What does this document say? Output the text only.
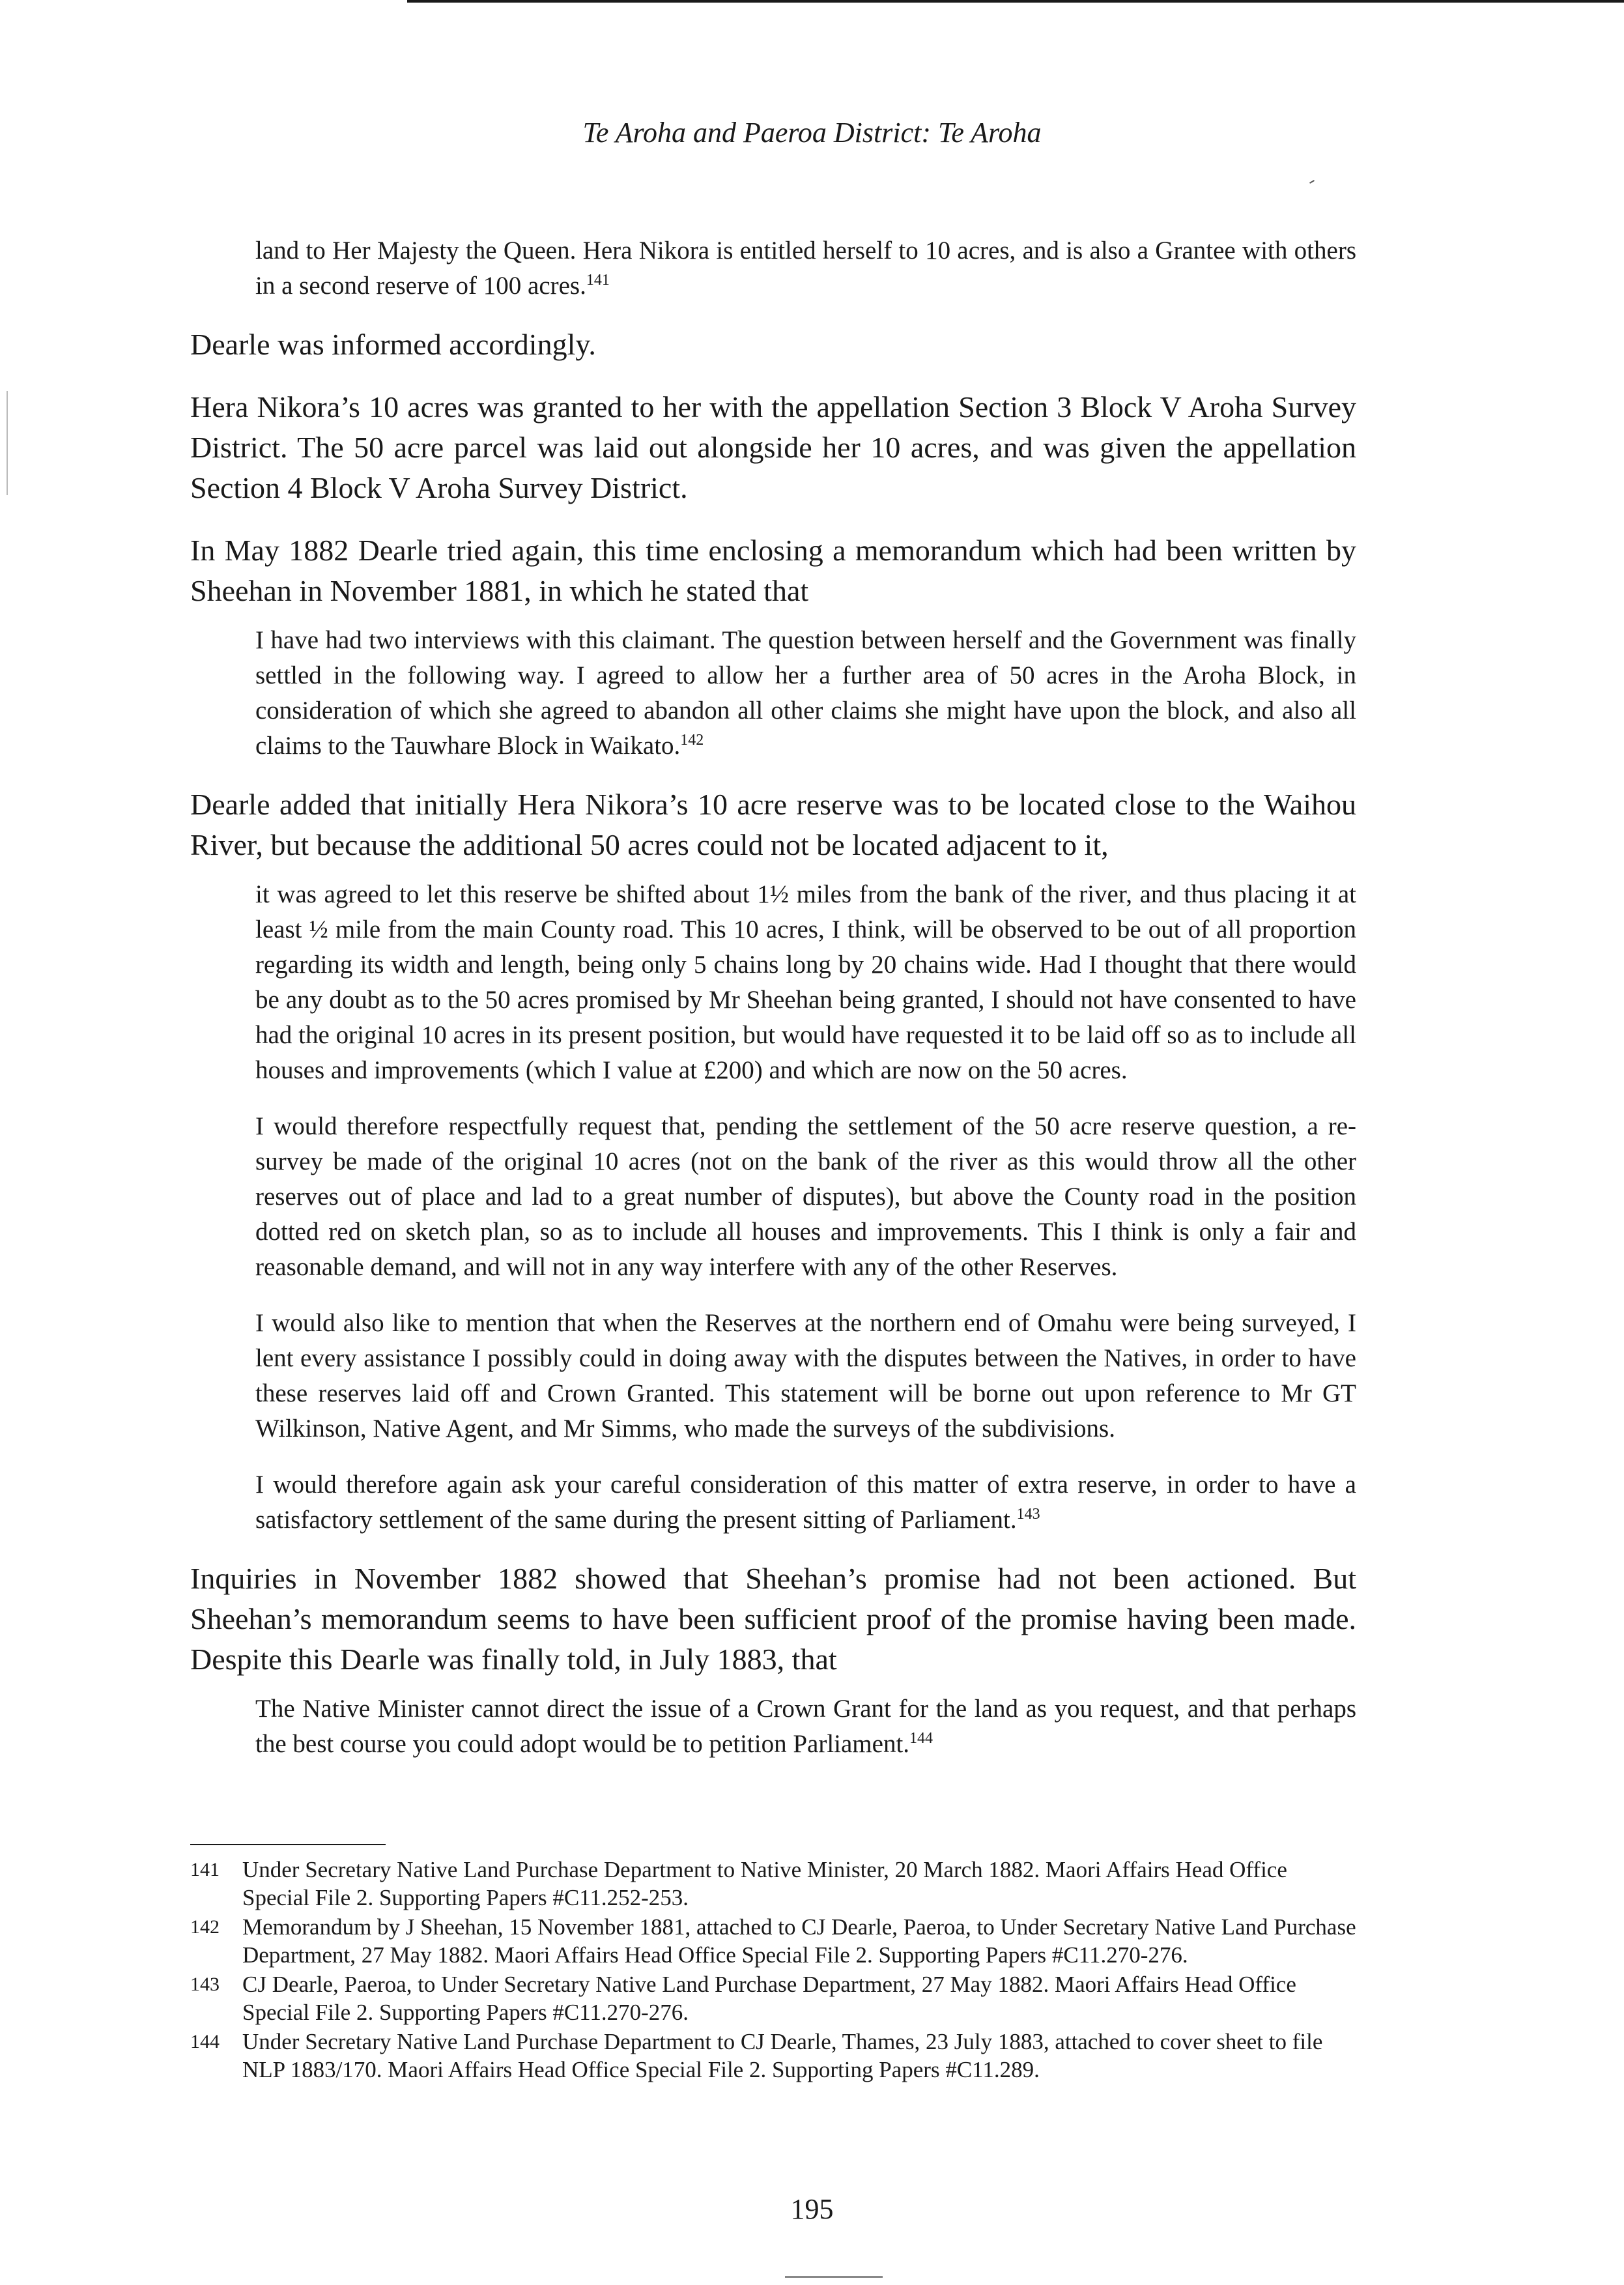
Te Aroha and Paeroa District: Te Aroha

land to Her Majesty the Queen. Hera Nikora is entitled herself to 10 acres, and is also a Grantee with others in a second reserve of 100 acres.$^{141}$

Dearle was informed accordingly.

Hera Nikora’s 10 acres was granted to her with the appellation Section 3 Block V Aroha Survey District. The 50 acre parcel was laid out alongside her 10 acres, and was given the appellation Section 4 Block V Aroha Survey District.

In May 1882 Dearle tried again, this time enclosing a memorandum which had been written by Sheehan in November 1881, in which he stated that

I have had two interviews with this claimant. The question between herself and the Government was finally settled in the following way. I agreed to allow her a further area of 50 acres in the Aroha Block, in consideration of which she agreed to abandon all other claims she might have upon the block, and also all claims to the Tauwhare Block in Waikato.$^{142}$

Dearle added that initially Hera Nikora’s 10 acre reserve was to be located close to the Waihou River, but because the additional 50 acres could not be located adjacent to it,

it was agreed to let this reserve be shifted about 1½ miles from the bank of the river, and thus placing it at least ½ mile from the main County road. This 10 acres, I think, will be observed to be out of all proportion regarding its width and length, being only 5 chains long by 20 chains wide. Had I thought that there would be any doubt as to the 50 acres promised by Mr Sheehan being granted, I should not have consented to have had the original 10 acres in its present position, but would have requested it to be laid off so as to include all houses and improvements (which I value at £200) and which are now on the 50 acres.

I would therefore respectfully request that, pending the settlement of the 50 acre reserve question, a re-survey be made of the original 10 acres (not on the bank of the river as this would throw all the other reserves out of place and lad to a great number of disputes), but above the County road in the position dotted red on sketch plan, so as to include all houses and improvements. This I think is only a fair and reasonable demand, and will not in any way interfere with any of the other Reserves.

I would also like to mention that when the Reserves at the northern end of Omahu were being surveyed, I lent every assistance I possibly could in doing away with the disputes between the Natives, in order to have these reserves laid off and Crown Granted. This statement will be borne out upon reference to Mr GT Wilkinson, Native Agent, and Mr Simms, who made the surveys of the subdivisions.

I would therefore again ask your careful consideration of this matter of extra reserve, in order to have a satisfactory settlement of the same during the present sitting of Parliament.$^{143}$

Inquiries in November 1882 showed that Sheehan’s promise had not been actioned. But Sheehan’s memorandum seems to have been sufficient proof of the promise having been made. Despite this Dearle was finally told, in July 1883, that

The Native Minister cannot direct the issue of a Crown Grant for the land as you request, and that perhaps the best course you could adopt would be to petition Parliament.$^{144}$

141	Under Secretary Native Land Purchase Department to Native Minister, 20 March 1882. Maori Affairs Head Office Special File 2. Supporting Papers #C11.252-253.
142	Memorandum by J Sheehan, 15 November 1881, attached to CJ Dearle, Paeroa, to Under Secretary Native Land Purchase Department, 27 May 1882. Maori Affairs Head Office Special File 2. Supporting Papers #C11.270-276.
143	CJ Dearle, Paeroa, to Under Secretary Native Land Purchase Department, 27 May 1882. Maori Affairs Head Office Special File 2. Supporting Papers #C11.270-276.
144	Under Secretary Native Land Purchase Department to CJ Dearle, Thames, 23 July 1883, attached to cover sheet to file NLP 1883/170. Maori Affairs Head Office Special File 2. Supporting Papers #C11.289.
195
